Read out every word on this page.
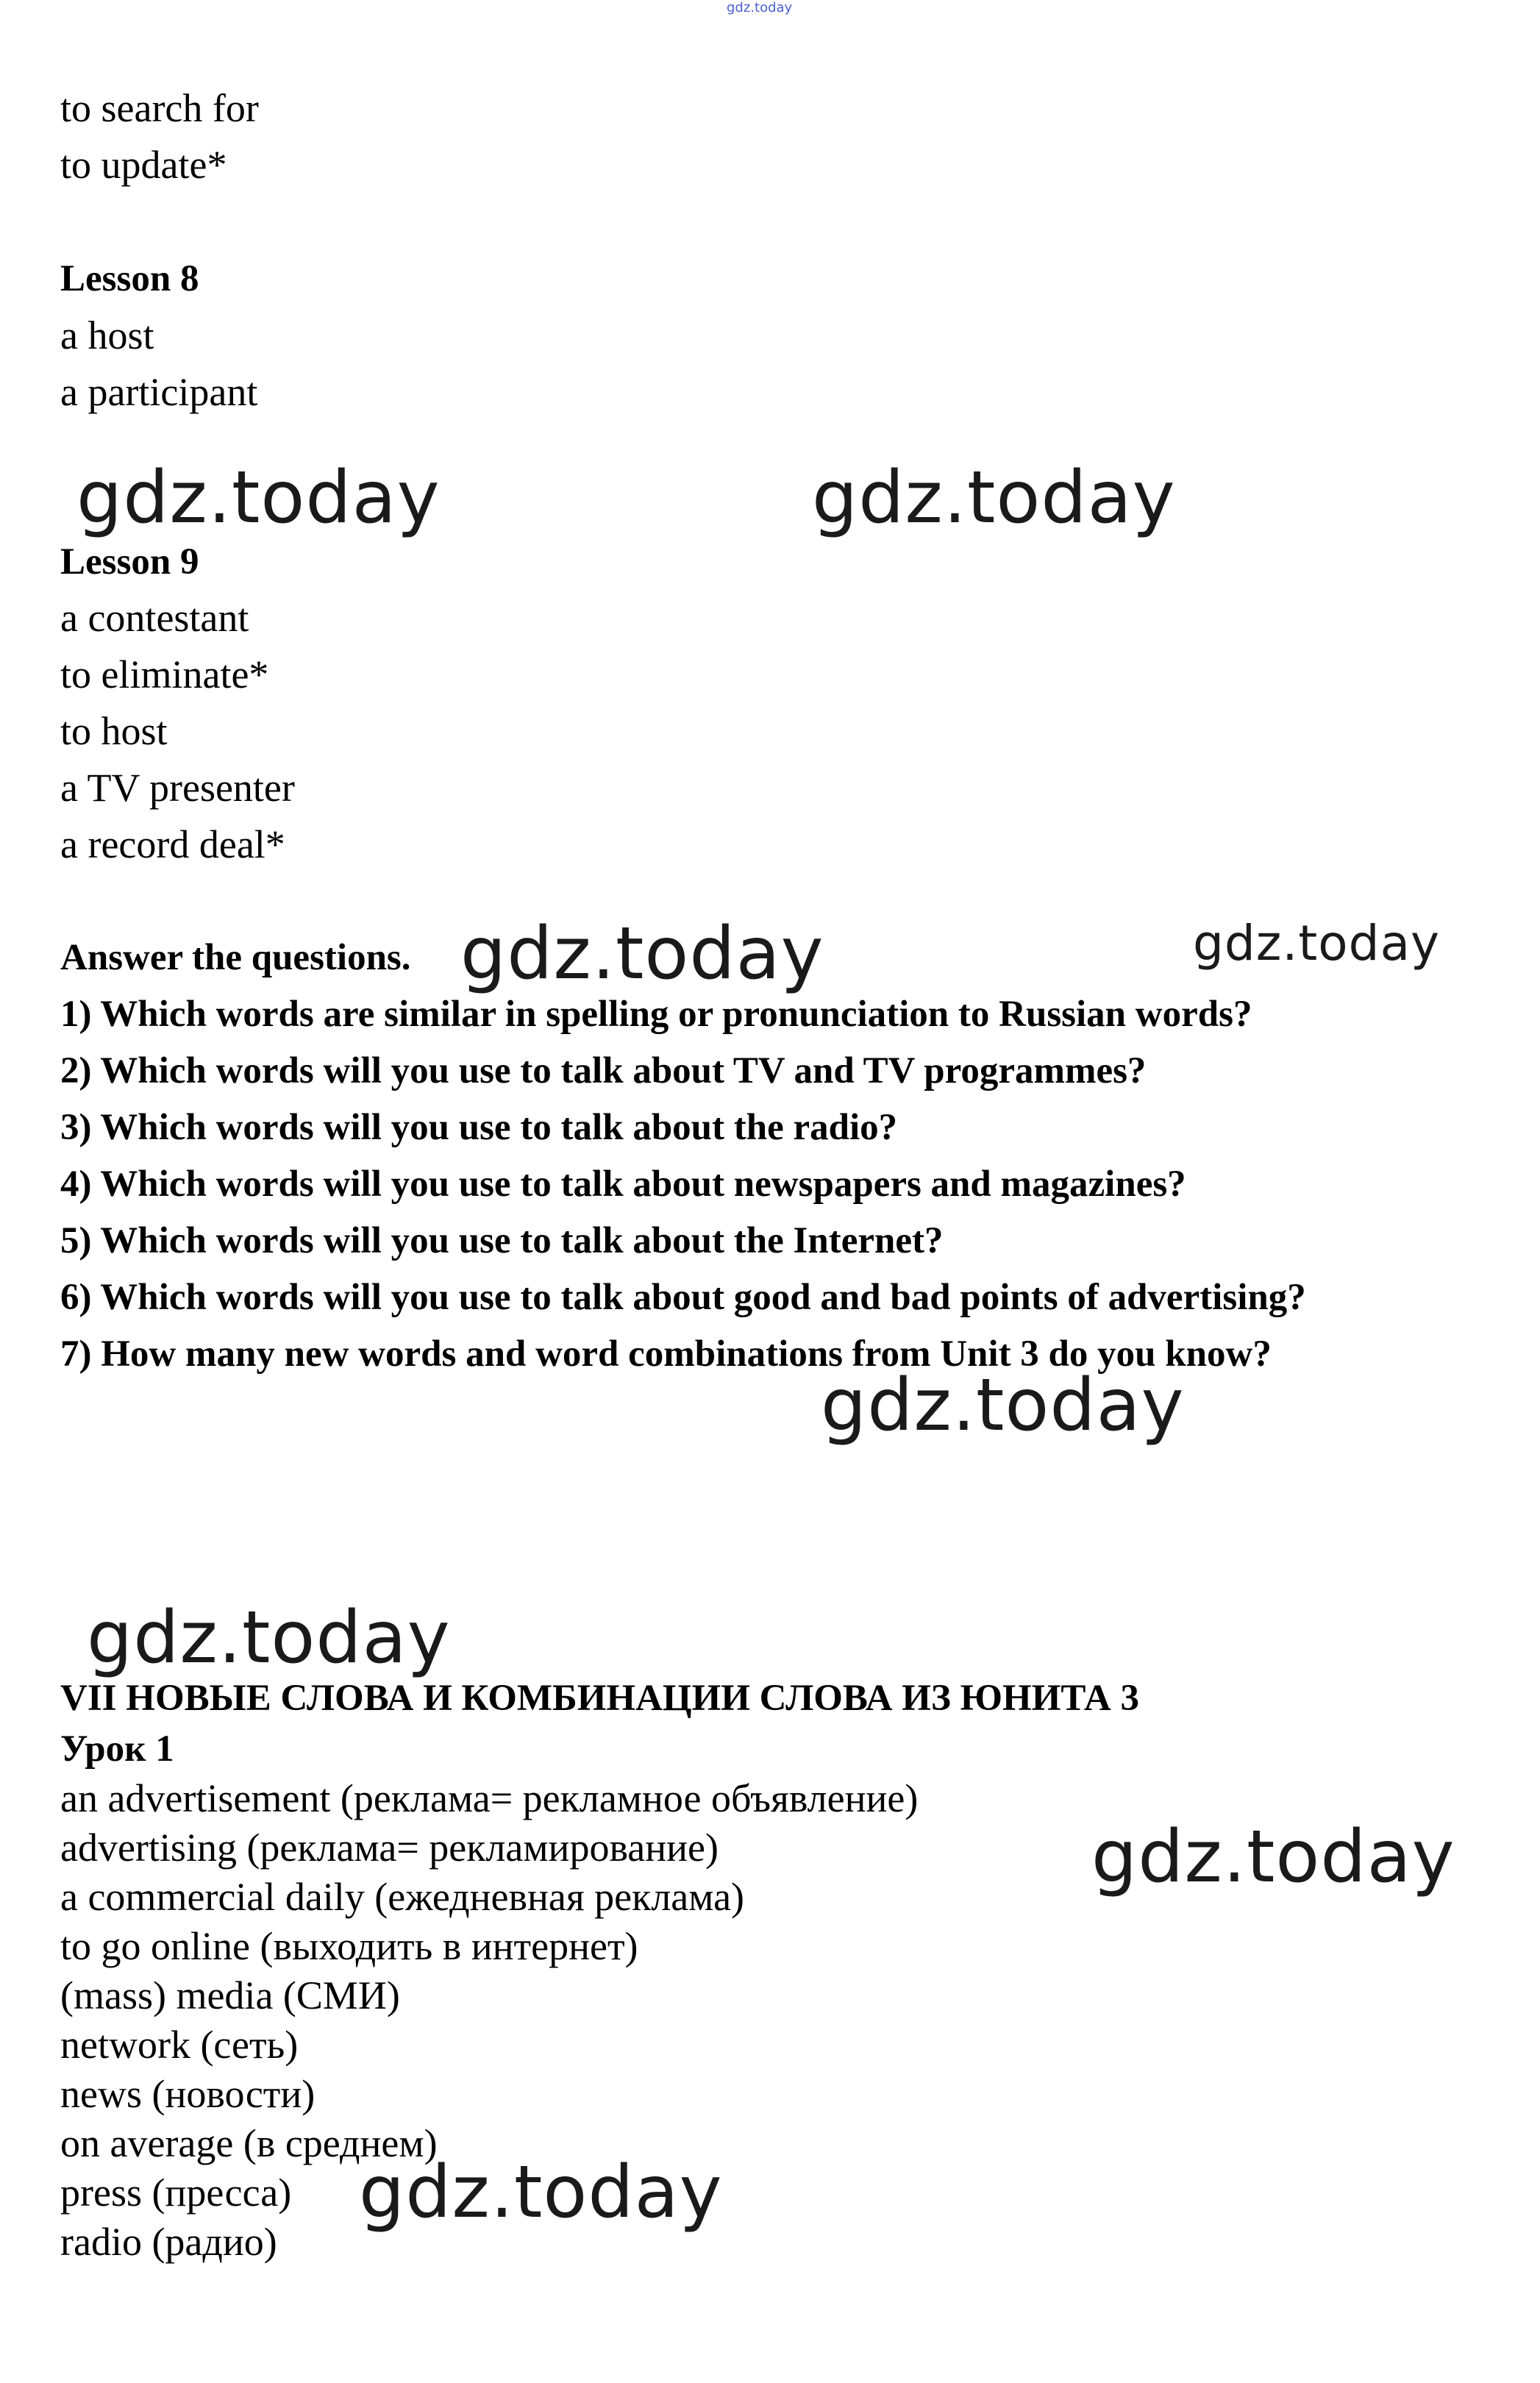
gdz.today
to search for
to update*
Lesson 8
a host
a participant
Lesson 9
a contestant
to eliminate*
to host
a TV presenter
a record deal*
Answer the questions.
1) Which words are similar in spelling or pronunciation to Russian words?
2) Which words will you use to talk about TV and TV programmes?
3) Which words will you use to talk about the radio?
4) Which words will you use to talk about newspapers and magazines?
5) Which words will you use to talk about the Internet?
6) Which words will you use to talk about good and bad points of advertising?
7) How many new words and word combinations from Unit 3 do you know?
VII НОВЫЕ СЛОВА И КОМБИНАЦИИ СЛОВА ИЗ ЮНИТА 3
Урок 1
an advertisement (реклама= рекламное объявление)
advertising (реклама= рекламирование)
a commercial daily (ежедневная реклама)
to go online (выходить в интернет)
(mass) media (СМИ)
network (сеть)
news (новости)
on average (в среднем)
press (пресса)
radio (радио)
gdz.today	gdz.today
gdz.today	gdz.today
gdz.today
gdz.today
gdz.today
gdz.today
